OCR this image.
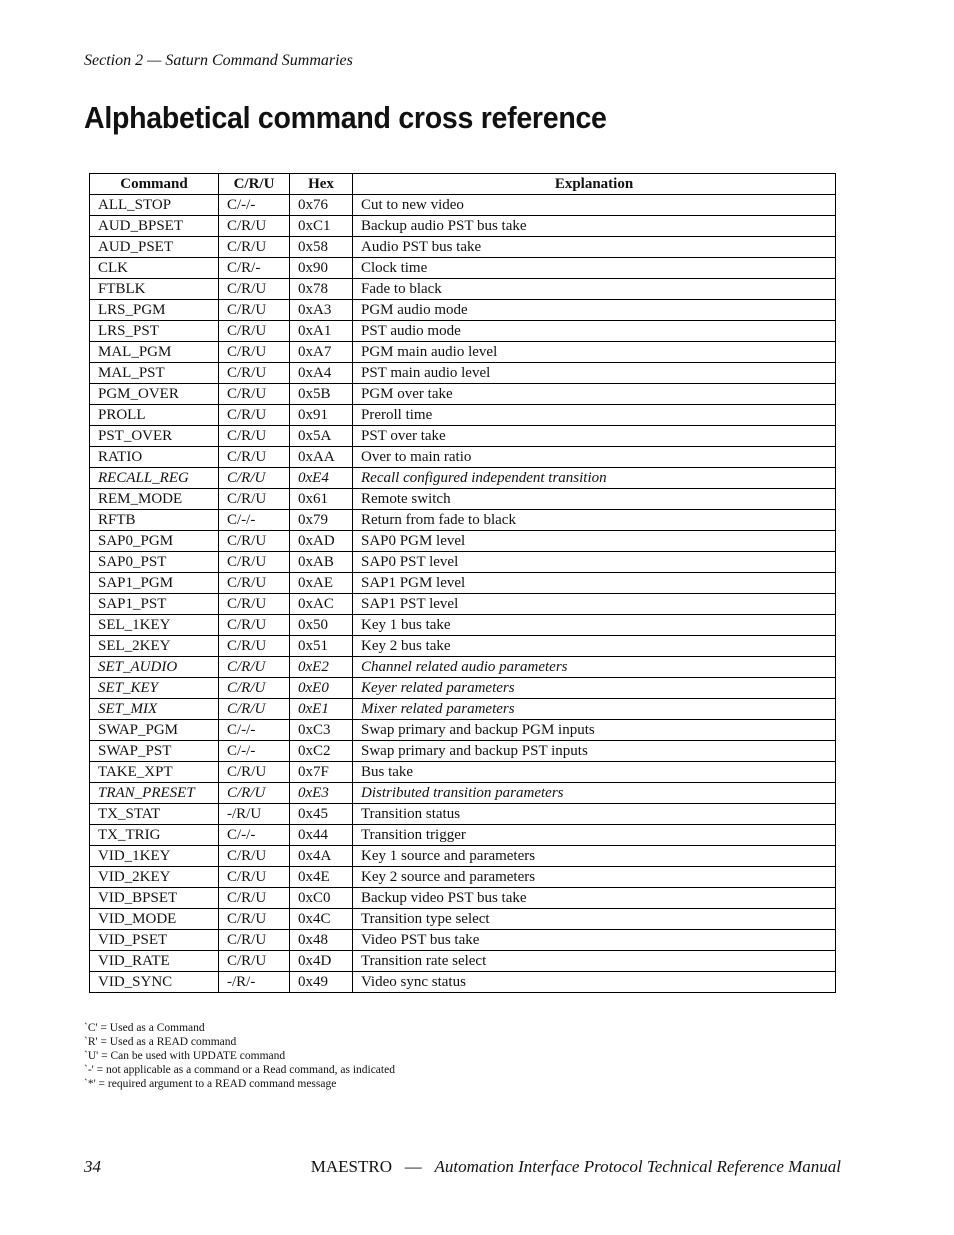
Section 2 — Saturn Command Summaries
Alphabetical command cross reference
Command	C/R/U	Hex	Explanation
ALL_STOP	C/-/-	0x76	Cut to new video
AUD_BPSET	C/R/U	0xC1	Backup audio PST bus take
AUD_PSET	C/R/U	0x58	Audio PST bus take
CLK	C/R/-	0x90	Clock time
FTBLK	C/R/U	0x78	Fade to black
LRS_PGM	C/R/U	0xA3	PGM audio mode
LRS_PST	C/R/U	0xA1	PST audio mode
MAL_PGM	C/R/U	0xA7	PGM main audio level
MAL_PST	C/R/U	0xA4	PST main audio level
PGM_OVER	C/R/U	0x5B	PGM over take
PROLL	C/R/U	0x91	Preroll time
PST_OVER	C/R/U	0x5A	PST over take
RATIO	C/R/U	0xAA	Over to main ratio
RECALL_REG	C/R/U	0xE4	Recall configured independent transition
REM_MODE	C/R/U	0x61	Remote switch
RFTB	C/-/-	0x79	Return from fade to black
SAP0_PGM	C/R/U	0xAD	SAP0 PGM level
SAP0_PST	C/R/U	0xAB	SAP0 PST level
SAP1_PGM	C/R/U	0xAE	SAP1 PGM level
SAP1_PST	C/R/U	0xAC	SAP1 PST level
SEL_1KEY	C/R/U	0x50	Key 1 bus take
SEL_2KEY	C/R/U	0x51	Key 2 bus take
SET_AUDIO	C/R/U	0xE2	Channel related audio parameters
SET_KEY	C/R/U	0xE0	Keyer related parameters
SET_MIX	C/R/U	0xE1	Mixer related parameters
SWAP_PGM	C/-/-	0xC3	Swap primary and backup PGM inputs
SWAP_PST	C/-/-	0xC2	Swap primary and backup PST inputs
TAKE_XPT	C/R/U	0x7F	Bus take
TRAN_PRESET	C/R/U	0xE3	Distributed transition parameters
TX_STAT	-/R/U	0x45	Transition status
TX_TRIG	C/-/-	0x44	Transition trigger
VID_1KEY	C/R/U	0x4A	Key 1 source and parameters
VID_2KEY	C/R/U	0x4E	Key 2 source and parameters
VID_BPSET	C/R/U	0xC0	Backup video PST bus take
VID_MODE	C/R/U	0x4C	Transition type select
VID_PSET	C/R/U	0x48	Video PST bus take
VID_RATE	C/R/U	0x4D	Transition rate select
VID_SYNC	-/R/-	0x49	Video sync status
`C' = Used as a Command
`R' = Used as a READ command
`U' = Can be used with UPDATE command
`-' = not applicable as a command or a Read command, as indicated
`*' = required argument to a READ command message
34	MAESTRO — Automation Interface Protocol Technical Reference Manual
